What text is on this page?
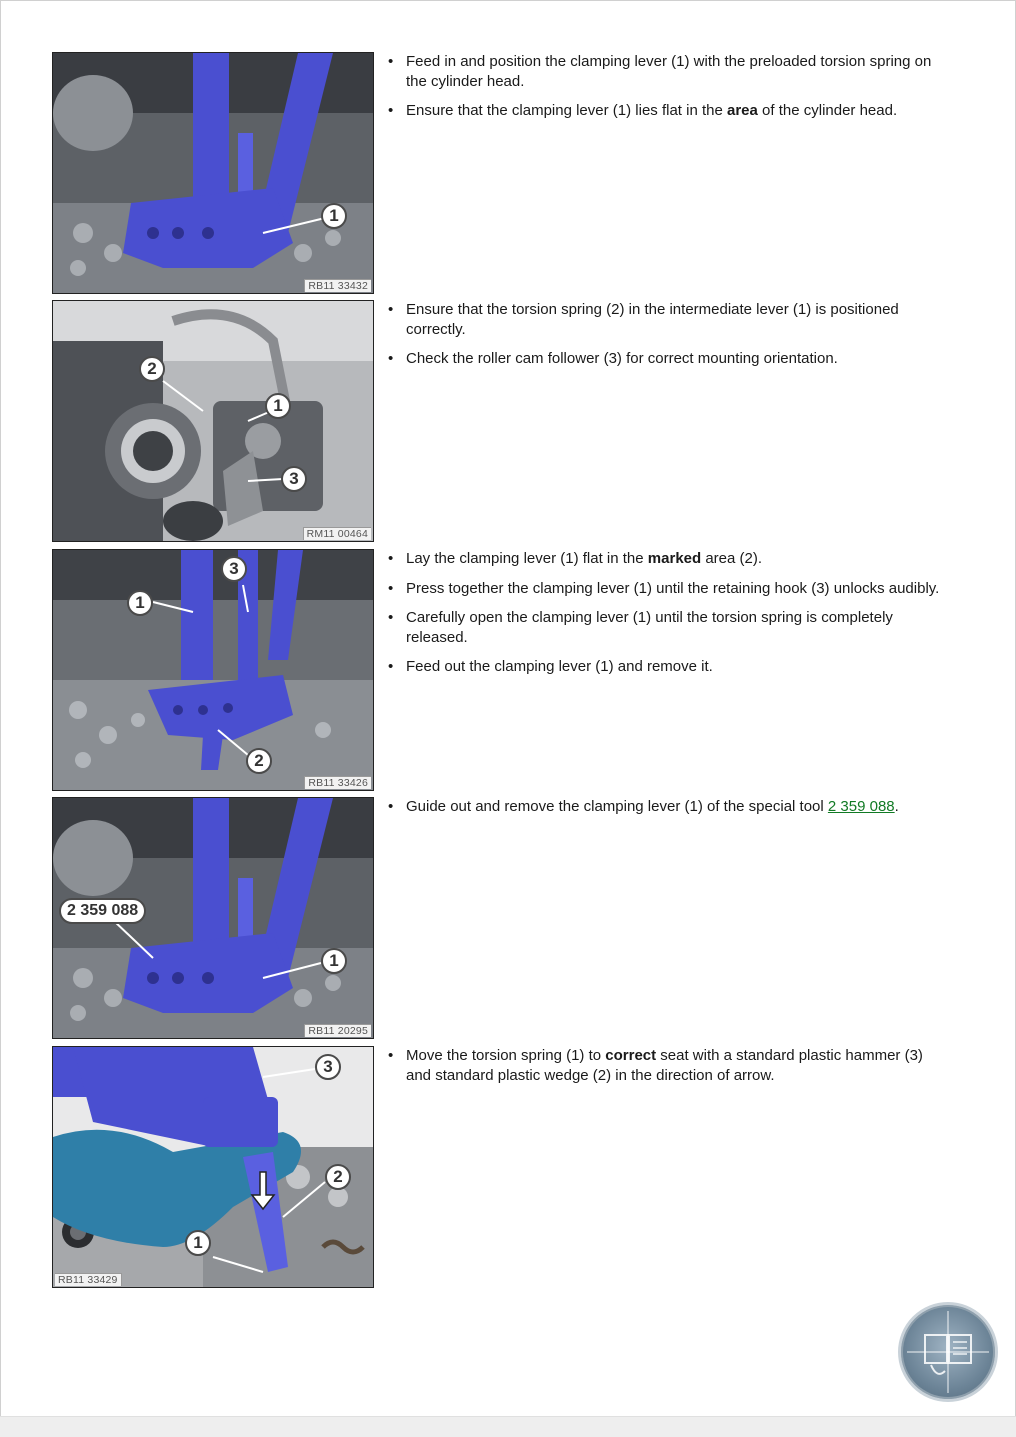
1
RB11 33432
• Feed in and position the clamping lever (1) with the preloaded torsion spring on the cylinder head.
• Ensure that the clamping lever (1) lies flat in the area of the cylinder head.
2
1
3
RM11 00464
• Ensure that the torsion spring (2) in the intermediate lever (1) is positioned correctly.
• Check the roller cam follower (3) for correct mounting orientation.
3
1
2
RB11 33426
• Lay the clamping lever (1) flat in the marked area (2).
• Press together the clamping lever (1) until the retaining hook (3) unlocks audibly.
• Carefully open the clamping lever (1) until the torsion spring is completely released.
• Feed out the clamping lever (1) and remove it.
2 359 088
1
RB11 20295
• Guide out and remove the clamping lever (1) of the special tool 2 359 088.
3
2
1
RB11 33429
• Move the torsion spring (1) to correct seat with a standard plastic hammer (3) and standard plastic wedge (2) in the direction of arrow.
